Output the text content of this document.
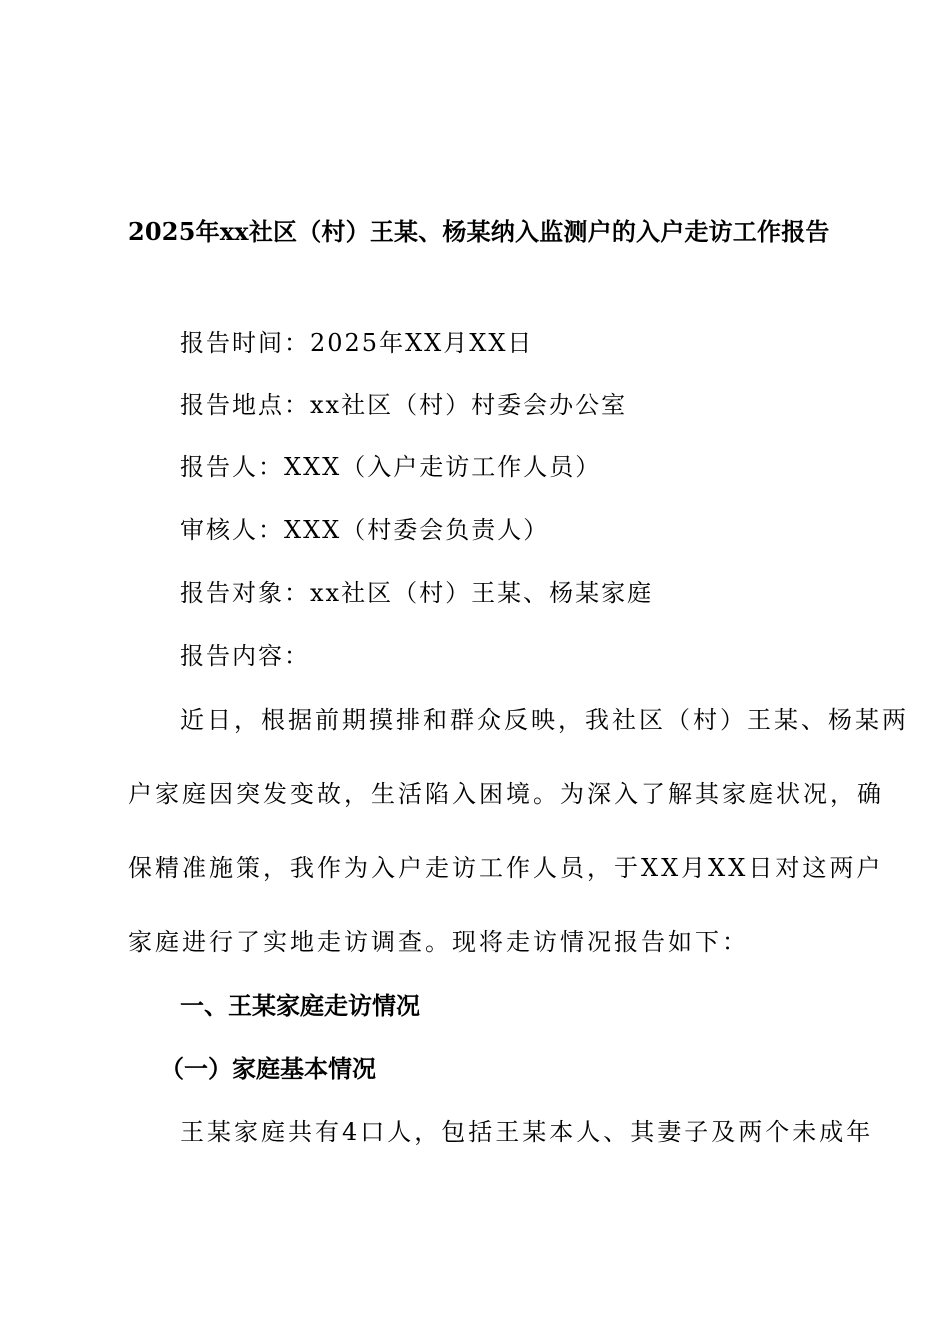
2025年xx社区（村）王某、杨某纳入监测户的入户走访工作报告
报告时间：2025年XX月XX日
报告地点：xx社区（村）村委会办公室
报告人：XXX（入户走访工作人员）
审核人：XXX（村委会负责人）
报告对象：xx社区（村）王某、杨某家庭
报告内容：
近日，根据前期摸排和群众反映，我社区（村）王某、杨某两
户家庭因突发变故，生活陷入困境。为深入了解其家庭状况，确
保精准施策，我作为入户走访工作人员，于XX月XX日对这两户
家庭进行了实地走访调查。现将走访情况报告如下：
一、王某家庭走访情况
（一）家庭基本情况
王某家庭共有4口人，包括王某本人、其妻子及两个未成年
